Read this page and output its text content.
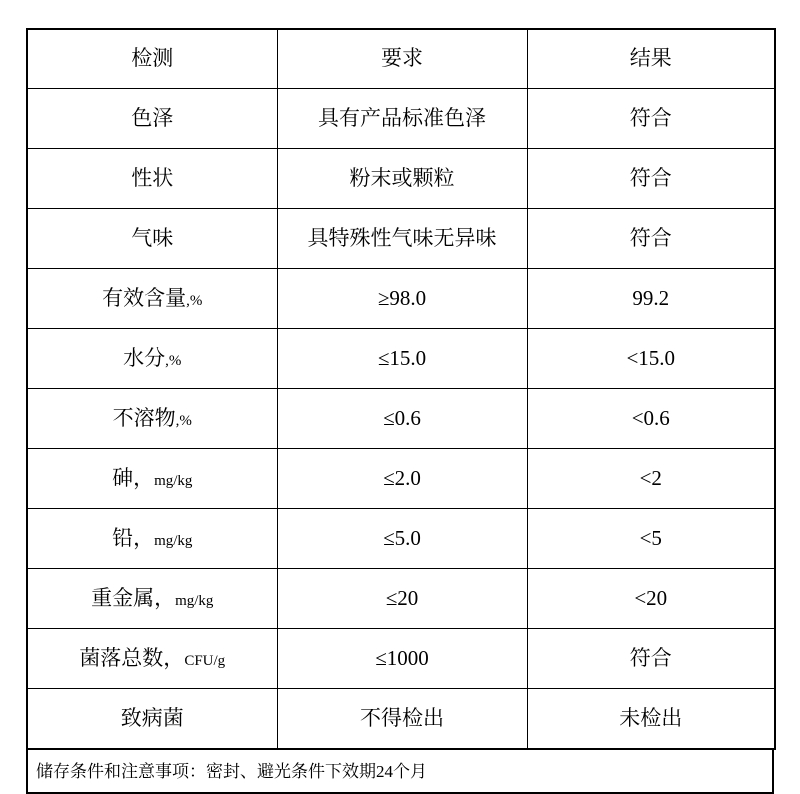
检测	要求	结果
色泽	具有产品标准色泽	符合
性状	粉末或颗粒	符合
气味	具特殊性气味无异味	符合
有效含量,%	≥98.0	99.2
水分,%	≤15.0	<15.0
不溶物,%	≤0.6	<0.6
砷，mg/kg	≤2.0	<2
铅，mg/kg	≤5.0	<5
重金属，mg/kg	≤20	<20
菌落总数，CFU/g	≤1000	符合
致病菌	不得检出	未检出
储存条件和注意事项：密封、避光条件下效期24个月
